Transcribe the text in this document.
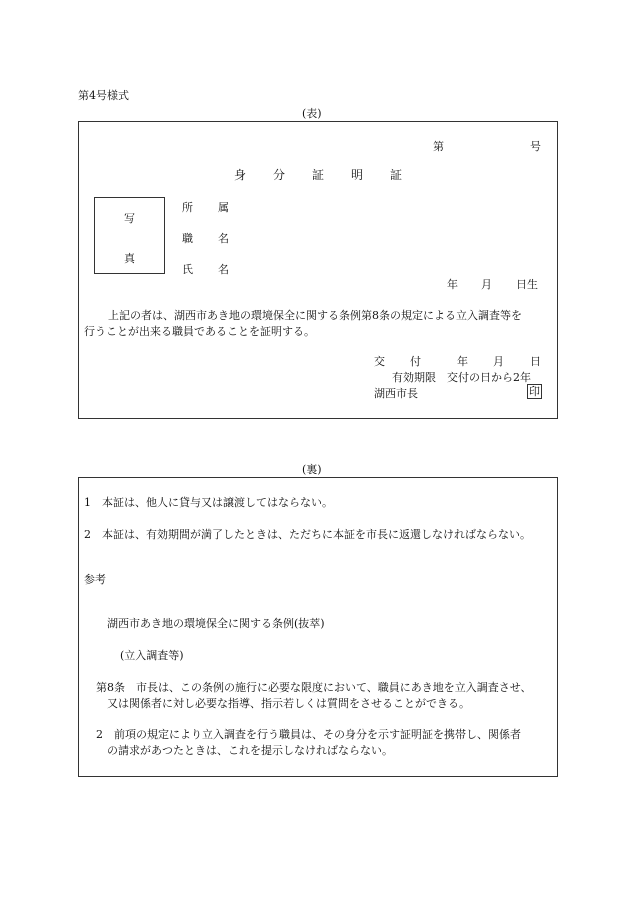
第4号様式
(表)
第	号
身 分 証 明 証
写
真
所 属
職 名
氏 名
年 月 日生
上記の者は、湖西市あき地の環境保全に関する条例第8条の規定による立入調査等を
行うことが出来る職員であることを証明する。
交 付	年 月 日
有効期限　交付の日から2年
湖西市長	印
(裏)
1　本証は、他人に貸与又は譲渡してはならない。
2　本証は、有効期間が満了したときは、ただちに本証を市長に返還しなければならない。
参考
湖西市あき地の環境保全に関する条例(抜萃)
(立入調査等)
第8条　市長は、この条例の施行に必要な限度において、職員にあき地を立入調査させ、
又は関係者に対し必要な指導、指示若しくは質問をさせることができる。
2　前項の規定により立入調査を行う職員は、その身分を示す証明証を携帯し、関係者
の請求があつたときは、これを提示しなければならない。
